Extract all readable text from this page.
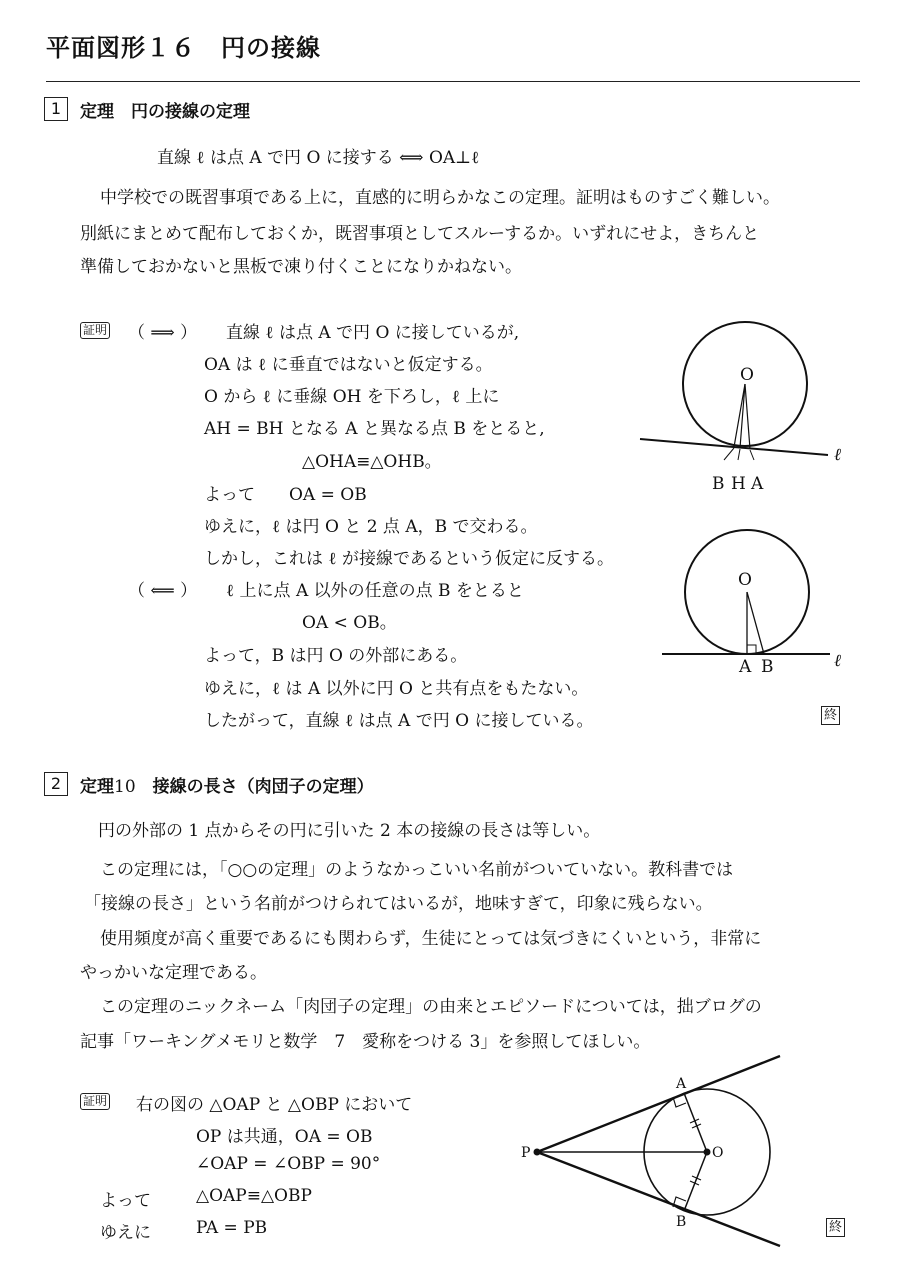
平面図形１６　円の接線
1	定理　円の接線の定理
直線 ℓ は点 A で円 O に接する ⟺ OA⊥ℓ
中学校での既習事項である上に，直感的に明らかなこの定理。証明はものすごく難しい。
別紙にまとめて配布しておくか，既習事項としてスルーするか。いずれにせよ，きちんと
準備しておかないと黒板で凍り付くことになりかねない。
証明 （ ⟹ ） 直線 ℓ は点 A で円 O に接しているが,
OA は ℓ に垂直ではないと仮定する。
O から ℓ に垂線 OH を下ろし，ℓ 上に
AH = BH となる A と異なる点 B をとると,
△OHA≡△OHB。
よって　　OA = OB
ゆえに，ℓ は円 O と 2 点 A，B で交わる。
しかし，これは ℓ が接線であるという仮定に反する。
（ ⟸ ） ℓ 上に点 A 以外の任意の点 B をとると
OA < OB。
よって，B は円 O の外部にある。
ゆえに，ℓ は A 以外に円 O と共有点をもたない。
したがって，直線 ℓ は点 A で円 O に接している。	終
O
B H A
ℓ
O
A B	ℓ
2	定理10　 接線の長さ（肉団子の定理）
円の外部の 1 点からその円に引いた 2 本の接線の長さは等しい。
この定理には，「○○の定理」のようなかっこいい名前がついていない。教科書では
「接線の長さ」という名前がつけられてはいるが，地味すぎて，印象に残らない。
使用頻度が高く重要であるにも関わらず，生徒にとっては気づきにくいという，非常に
やっかいな定理である。
この定理のニックネーム「肉団子の定理」の由来とエピソードについては，拙ブログの
記事「ワーキングメモリと数学　7　愛称をつける 3」を参照してほしい。
証明 右の図の △OAP と △OBP において
OP は共通，OA = OB
∠OAP = ∠OBP = 90°
よって	△OAP≡△OBP
ゆえに	PA = PB	終
P	O
A
B
